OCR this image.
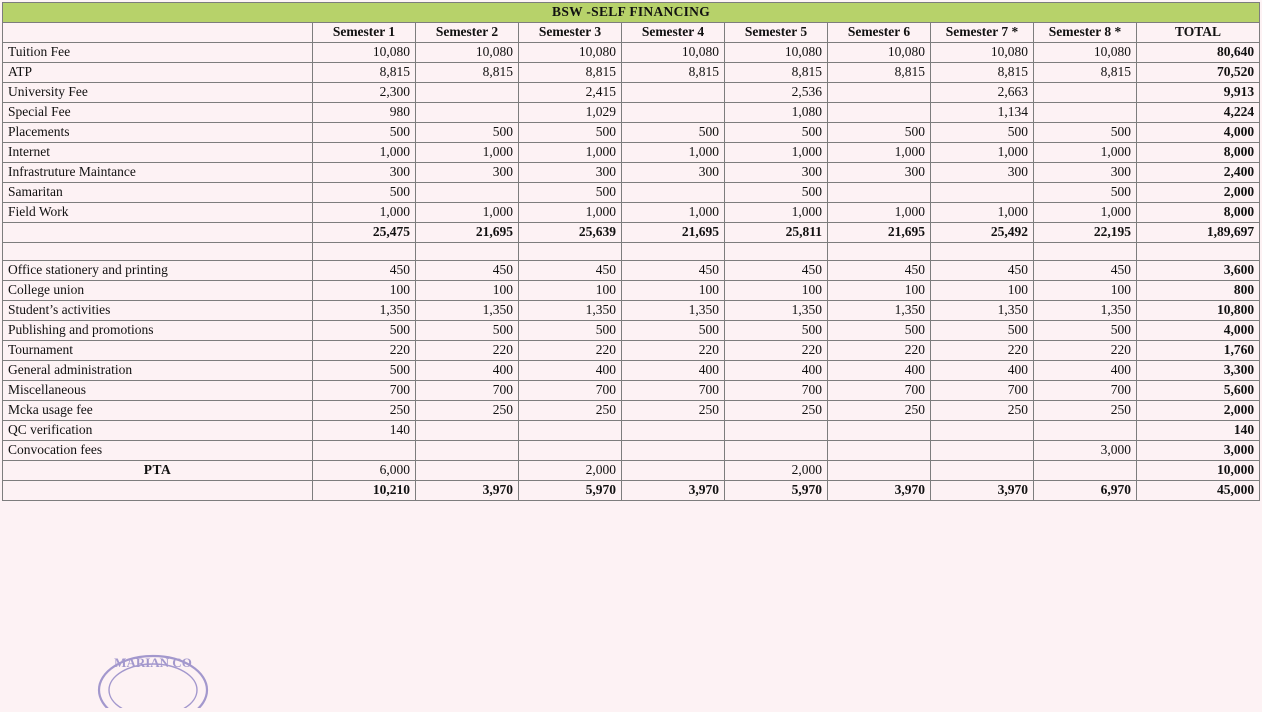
BSW -SELF FINANCING									
	Semester 1	Semester 2	Semester 3	Semester 4	Semester 5	Semester 6	Semester 7 *	Semester 8 *	TOTAL
Tuition Fee	10,080	10,080	10,080	10,080	10,080	10,080	10,080	10,080	80,640
ATP	8,815	8,815	8,815	8,815	8,815	8,815	8,815	8,815	70,520
University Fee	2,300		2,415		2,536		2,663		9,913
Special Fee	980		1,029		1,080		1,134		4,224
Placements	500	500	500	500	500	500	500	500	4,000
Internet	1,000	1,000	1,000	1,000	1,000	1,000	1,000	1,000	8,000
Infrastruture Maintance	300	300	300	300	300	300	300	300	2,400
Samaritan	500		500		500			500	2,000
Field Work	1,000	1,000	1,000	1,000	1,000	1,000	1,000	1,000	8,000
	25,475	21,695	25,639	21,695	25,811	21,695	25,492	22,195	1,89,697

Office stationery and printing	450	450	450	450	450	450	450	450	3,600
College union	100	100	100	100	100	100	100	100	800
Student’s activities	1,350	1,350	1,350	1,350	1,350	1,350	1,350	1,350	10,800
Publishing and promotions	500	500	500	500	500	500	500	500	4,000
Tournament	220	220	220	220	220	220	220	220	1,760
General administration	500	400	400	400	400	400	400	400	3,300
Miscellaneous	700	700	700	700	700	700	700	700	5,600
Mcka usage fee	250	250	250	250	250	250	250	250	2,000
QC verification	140								140
Convocation fees								3,000	3,000
PTA	6,000		2,000		2,000				10,000
	10,210	3,970	5,970	3,970	5,970	3,970	3,970	6,970	45,000
MARIAN CO
